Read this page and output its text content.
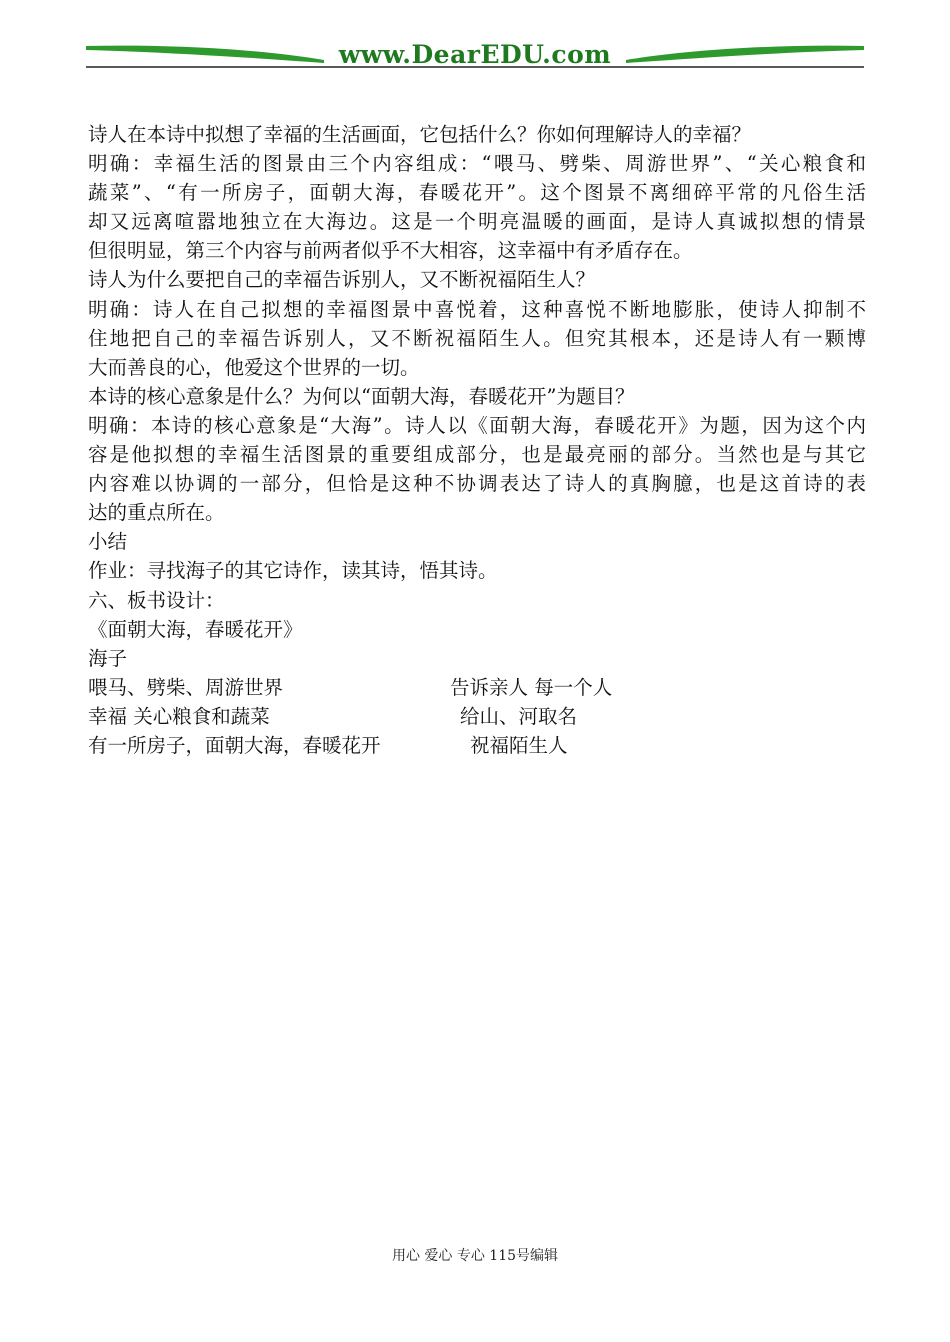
www.DearEDU.com
诗人在本诗中拟想了幸福的生活画面，它包括什么？你如何理解诗人的幸福？
明确：幸福生活的图景由三个内容组成：“喂马、劈柴、周游世界”、“关心粮食和
蔬菜”、“有一所房子，面朝大海，春暖花开”。这个图景不离细碎平常的凡俗生活
却又远离喧嚣地独立在大海边。这是一个明亮温暖的画面，是诗人真诚拟想的情景
但很明显，第三个内容与前两者似乎不大相容，这幸福中有矛盾存在。
诗人为什么要把自己的幸福告诉别人，又不断祝福陌生人？
明确：诗人在自己拟想的幸福图景中喜悦着，这种喜悦不断地膨胀，使诗人抑制不
住地把自己的幸福告诉别人，又不断祝福陌生人。但究其根本，还是诗人有一颗博
大而善良的心，他爱这个世界的一切。
本诗的核心意象是什么？为何以“面朝大海，春暖花开”为题目？
明确：本诗的核心意象是“大海”。诗人以《面朝大海，春暖花开》为题，因为这个内
容是他拟想的幸福生活图景的重要组成部分，也是最亮丽的部分。当然也是与其它
内容难以协调的一部分，但恰是这种不协调表达了诗人的真胸臆，也是这首诗的表
达的重点所在。
小结
作业：寻找海子的其它诗作，读其诗，悟其诗。
六、板书设计：
《面朝大海，春暖花开》
海子
喂马、劈柴、周游世界	告诉亲人 每一个人
幸福 关心粮食和蔬菜	给山、河取名
有一所房子，面朝大海，春暖花开	祝福陌生人
用心 爱心 专心 115号编辑
